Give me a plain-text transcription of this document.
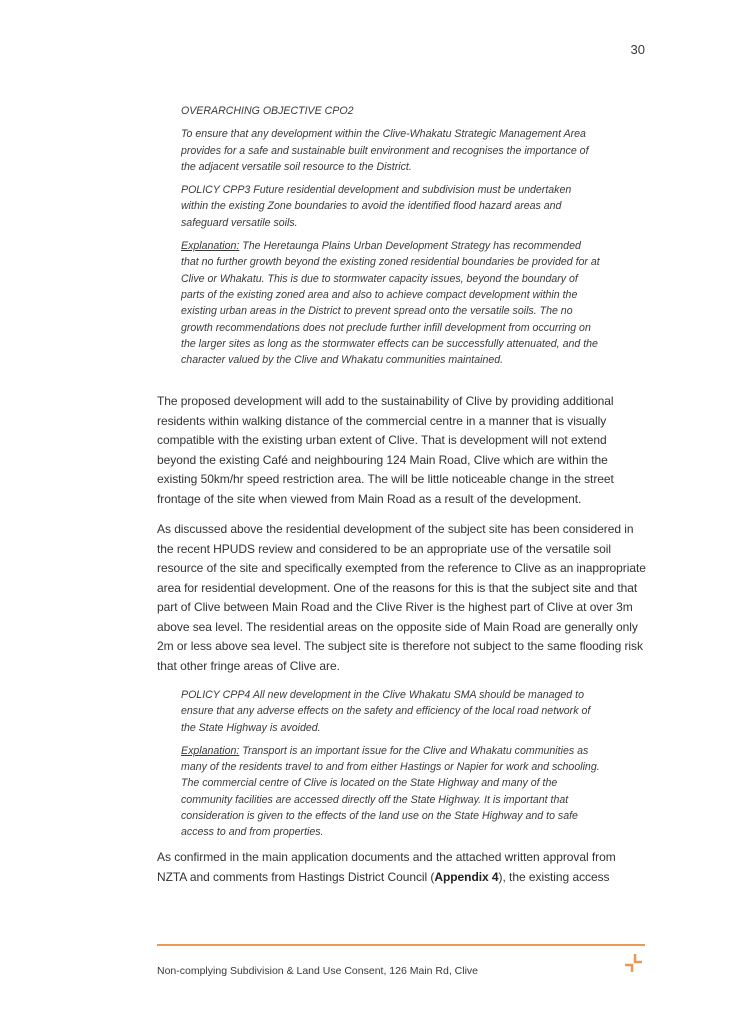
30

OVERARCHING OBJECTIVE CPO2

To ensure that any development within the Clive-Whakatu Strategic Management Area provides for a safe and sustainable built environment and recognises the importance of the adjacent versatile soil resource to the District.

POLICY CPP3 Future residential development and subdivision must be undertaken within the existing Zone boundaries to avoid the identified flood hazard areas and safeguard versatile soils.

Explanation: The Heretaunga Plains Urban Development Strategy has recommended that no further growth beyond the existing zoned residential boundaries be provided for at Clive or Whakatu. This is due to stormwater capacity issues, beyond the boundary of parts of the existing zoned area and also to achieve compact development within the existing urban areas in the District to prevent spread onto the versatile soils. The no growth recommendations does not preclude further infill development from occurring on the larger sites as long as the stormwater effects can be successfully attenuated, and the character valued by the Clive and Whakatu communities maintained.

The proposed development will add to the sustainability of Clive by providing additional residents within walking distance of the commercial centre in a manner that is visually compatible with the existing urban extent of Clive. That is development will not extend beyond the existing Café and neighbouring 124 Main Road, Clive which are within the existing 50km/hr speed restriction area. The will be little noticeable change in the street frontage of the site when viewed from Main Road as a result of the development.

As discussed above the residential development of the subject site has been considered in the recent HPUDS review and considered to be an appropriate use of the versatile soil resource of the site and specifically exempted from the reference to Clive as an inappropriate area for residential development. One of the reasons for this is that the subject site and that part of Clive between Main Road and the Clive River is the highest part of Clive at over 3m above sea level. The residential areas on the opposite side of Main Road are generally only 2m or less above sea level. The subject site is therefore not subject to the same flooding risk that other fringe areas of Clive are.

POLICY CPP4 All new development in the Clive Whakatu SMA should be managed to ensure that any adverse effects on the safety and efficiency of the local road network of the State Highway is avoided.

Explanation: Transport is an important issue for the Clive and Whakatu communities as many of the residents travel to and from either Hastings or Napier for work and schooling. The commercial centre of Clive is located on the State Highway and many of the community facilities are accessed directly off the State Highway. It is important that consideration is given to the effects of the land use on the State Highway and to safe access to and from properties.

As confirmed in the main application documents and the attached written approval from NZTA and comments from Hastings District Council (Appendix 4), the existing access

Non-complying Subdivision & Land Use Consent, 126 Main Rd, Clive
